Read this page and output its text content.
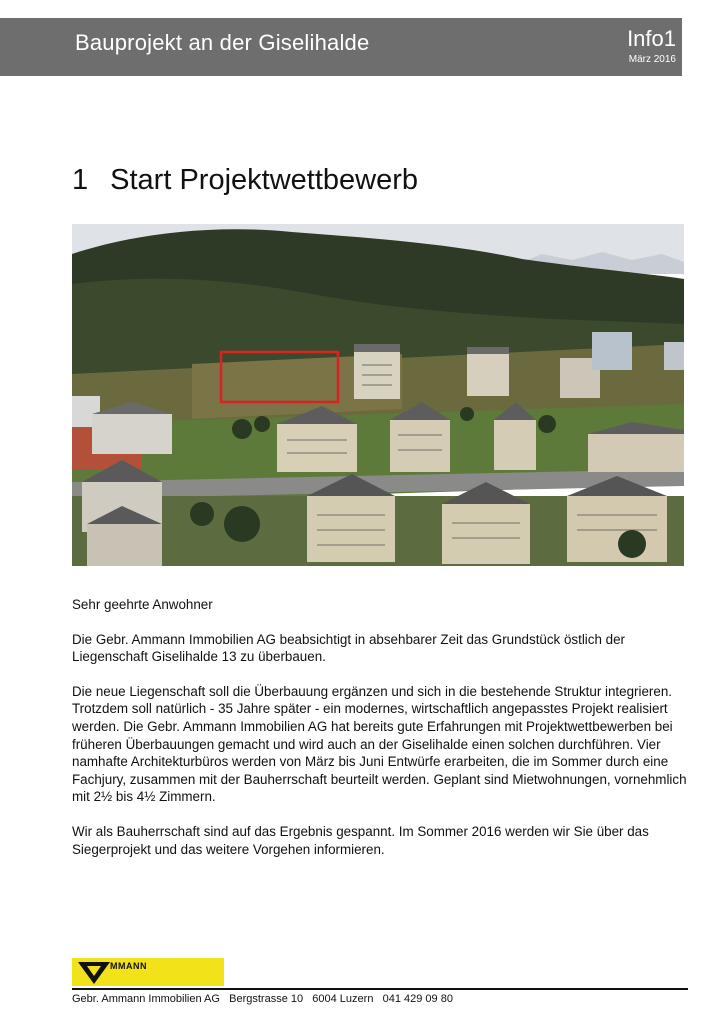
Bauprojekt an der Giselihalde	Info1
März 2016
1 Start Projektwettbewerb

Sehr geehrte Anwohner

Die Gebr. Ammann Immobilien AG beabsichtigt in absehbarer Zeit das Grundstück östlich der Liegenschaft Giselihalde 13 zu überbauen.

Die neue Liegenschaft soll die Überbauung ergänzen und sich in die bestehende Struktur integrieren. Trotzdem soll natürlich - 35 Jahre später - ein modernes, wirtschaftlich angepasstes Projekt realisiert werden. Die Gebr. Ammann Immobilien AG hat bereits gute Erfahrungen mit Projektwettbewerben bei früheren Überbauungen gemacht und wird auch an der Giselihalde einen solchen durchführen. Vier namhafte Architekturbüros werden von März bis Juni Entwürfe erarbeiten, die im Sommer durch eine Fachjury, zusammen mit der Bauherrschaft beurteilt werden. Geplant sind Mietwohnungen, vornehmlich mit 2½ bis 4½ Zimmern.

Wir als Bauherrschaft sind auf das Ergebnis gespannt. Im Sommer 2016 werden wir Sie über das Siegerprojekt und das weitere Vorgehen informieren.

MMANN
Gebr. Ammann Immobilien AG   Bergstrasse 10   6004 Luzern   041 429 09 80
